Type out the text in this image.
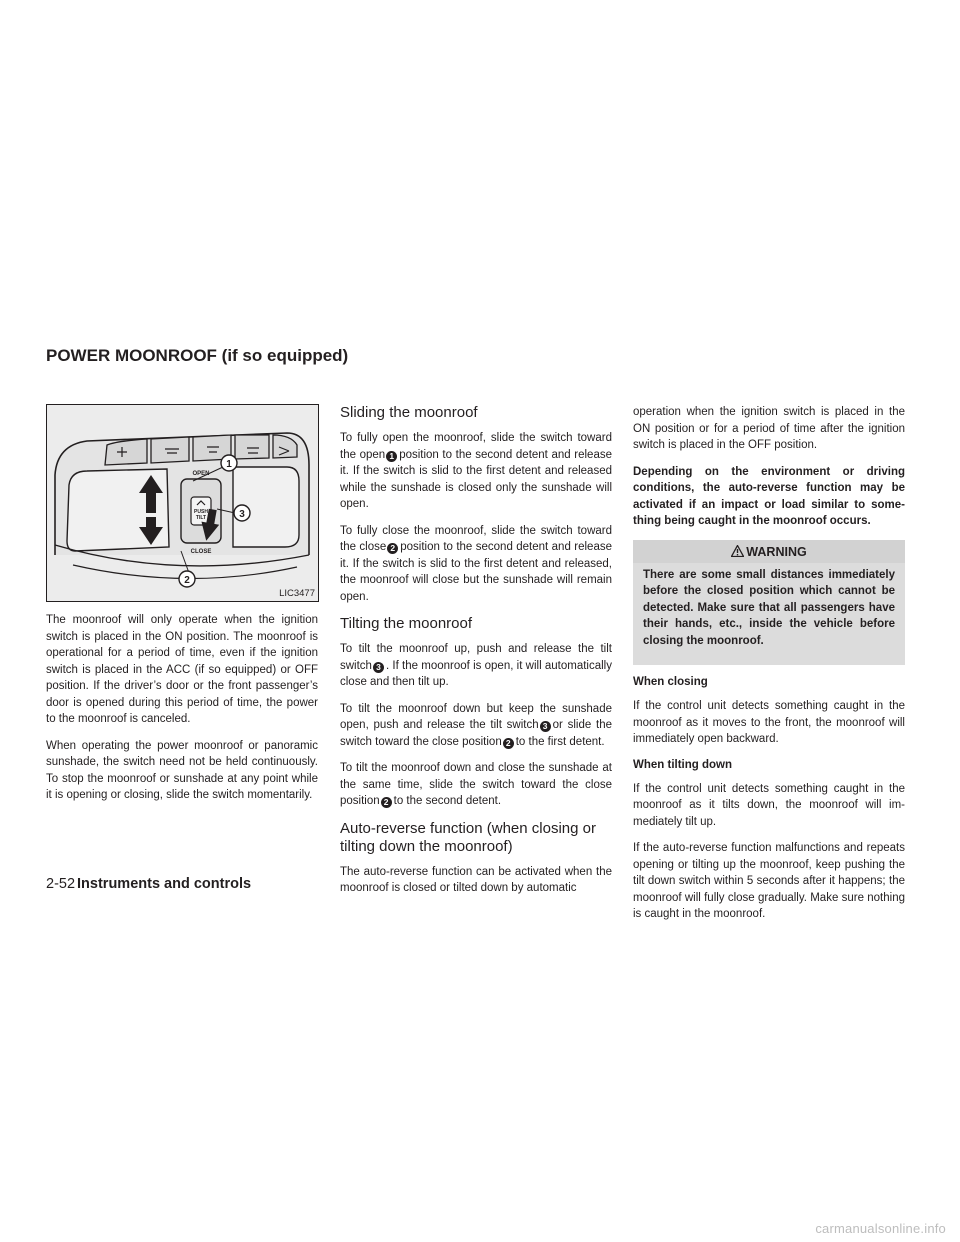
POWER MOONROOF (if so equipped)
1
3
2
OPEN
CLOSE
PUSH
TILT
LIC3477

The moonroof will only operate when the ignition switch is placed in the ON position. The moonroof is operational for a period of time, even if the ignition switch is placed in the ACC (if so equipped) or OFF position. If the driver’s door or the front passenger’s door is opened during this period of time, the power to the moonroof is canceled.

When operating the power moonroof or panoramic sunshade, the switch need not be held continuously. To stop the moonroof or sunshade at any point while it is opening or closing, slide the switch momentarily.

Sliding the moonroof

To fully open the moonroof, slide the switch toward the open 1 position to the second detent and release it. If the switch is slid to the first detent and released while the sunshade is closed only the sunshade will open.

To fully close the moonroof, slide the switch toward the close 2 position to the second detent and release it. If the switch is slid to the first detent and released, the moonroof will close but the sunshade will remain open.

Tilting the moonroof

To tilt the moonroof up, push and release the tilt switch 3 . If the moonroof is open, it will automatically close and then tilt up.

To tilt the moonroof down but keep the sunshade open, push and release the tilt switch 3 or slide the switch toward the close position 2 to the first detent.

To tilt the moonroof down and close the sunshade at the same time, slide the switch toward the close position 2 to the second detent.

Auto-reverse function (when closing or tilting down the moonroof)

The auto-reverse function can be activated when the moonroof is closed or tilted down by automatic

operation when the ignition switch is placed in the ON position or for a period of time after the ignition switch is placed in the OFF position.

Depending on the environment or driving conditions, the auto-reverse function may be activated if an impact or load similar to something being caught in the moonroof occurs.

WARNING

There are some small distances immediately before the closed position which cannot be detected. Make sure that all passengers have their hands, etc., inside the vehicle before closing the moonroof.

When closing

If the control unit detects something caught in the moonroof as it moves to the front, the moonroof will immediately open backward.

When tilting down

If the control unit detects something caught in the moonroof as it tilts down, the moonroof will immediately tilt up.

If the auto-reverse function malfunctions and repeats opening or tilting up the moonroof, keep pushing the tilt down switch within 5 seconds after it happens; the moonroof will fully close gradually. Make sure nothing is caught in the moonroof.

2-52 Instruments and controls
carmanualsonline.info
